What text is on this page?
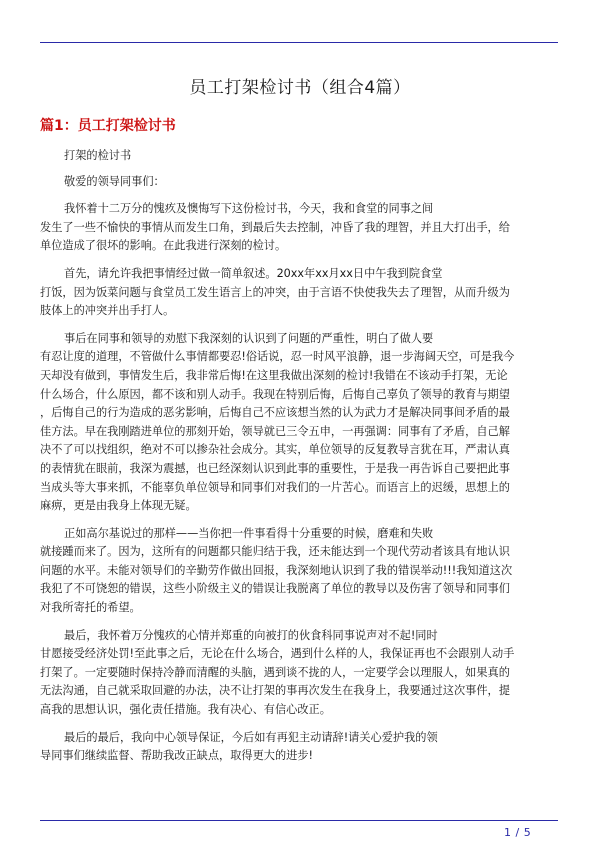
员工打架检讨书（组合4篇）
篇1：员工打架检讨书
打架的检讨书
敬爱的领导同事们：
我怀着十二万分的愧疚及懊悔写下这份检讨书，今天，我和食堂的同事之间
发生了一些不愉快的事情从而发生口角，到最后失去控制，冲昏了我的理智，并且大打出手，给
单位造成了很坏的影响。在此我进行深刻的检讨。
首先，请允许我把事情经过做一简单叙述。20xx年xx月xx日中午我到院食堂
打饭，因为饭菜问题与食堂员工发生语言上的冲突，由于言语不快使我失去了理智，从而升级为
肢体上的冲突并出手打人。
事后在同事和领导的劝慰下我深刻的认识到了问题的严重性，明白了做人要
有忍让度的道理，不管做什么事情都要忍!俗话说，忍一时风平浪静，退一步海阔天空，可是我今
天却没有做到，事情发生后，我非常后悔!在这里我做出深刻的检讨!我错在不该动手打架，无论
什么场合，什么原因，都不该和别人动手。我现在特别后悔，后悔自己辜负了领导的教育与期望
，后悔自己的行为造成的恶劣影响，后悔自己不应该想当然的认为武力才是解决同事间矛盾的最
佳方法。早在我刚踏进单位的那刻开始，领导就已三令五申，一再强调：同事有了矛盾，自己解
决不了可以找组织，绝对不可以掺杂社会成分。其实，单位领导的反复教导言犹在耳，严肃认真
的表情犹在眼前，我深为震撼，也已经深刻认识到此事的重要性，于是我一再告诉自己要把此事
当成头等大事来抓，不能辜负单位领导和同事们对我们的一片苦心。而语言上的迟缓，思想上的
麻痹，更是由我身上体现无疑。
正如高尔基说过的那样——当你把一件事看得十分重要的时候，磨难和失败
就接踵而来了。因为，这所有的问题都只能归结于我，还未能达到一个现代劳动者该具有地认识
问题的水平。未能对领导们的辛勤劳作做出回报，我深刻地认识到了我的错误举动!!!我知道这次
我犯了不可饶恕的错误，这些小阶级主义的错误让我脱离了单位的教导以及伤害了领导和同事们
对我所寄托的希望。
最后，我怀着万分愧疚的心情并郑重的向被打的伙食科同事说声对不起!同时
甘愿接受经济处罚!至此事之后，无论在什么场合，遇到什么样的人，我保证再也不会跟别人动手
打架了。一定要随时保持冷静而清醒的头脑，遇到谈不拢的人，一定要学会以理服人，如果真的
无法沟通，自己就采取回避的办法，决不让打架的事再次发生在我身上，我要通过这次事件，提
高我的思想认识，强化责任措施。我有决心、有信心改正。
最后的最后，我向中心领导保证，今后如有再犯主动请辞!请关心爱护我的领
导同事们继续监督、帮助我改正缺点，取得更大的进步!
1 / 5
